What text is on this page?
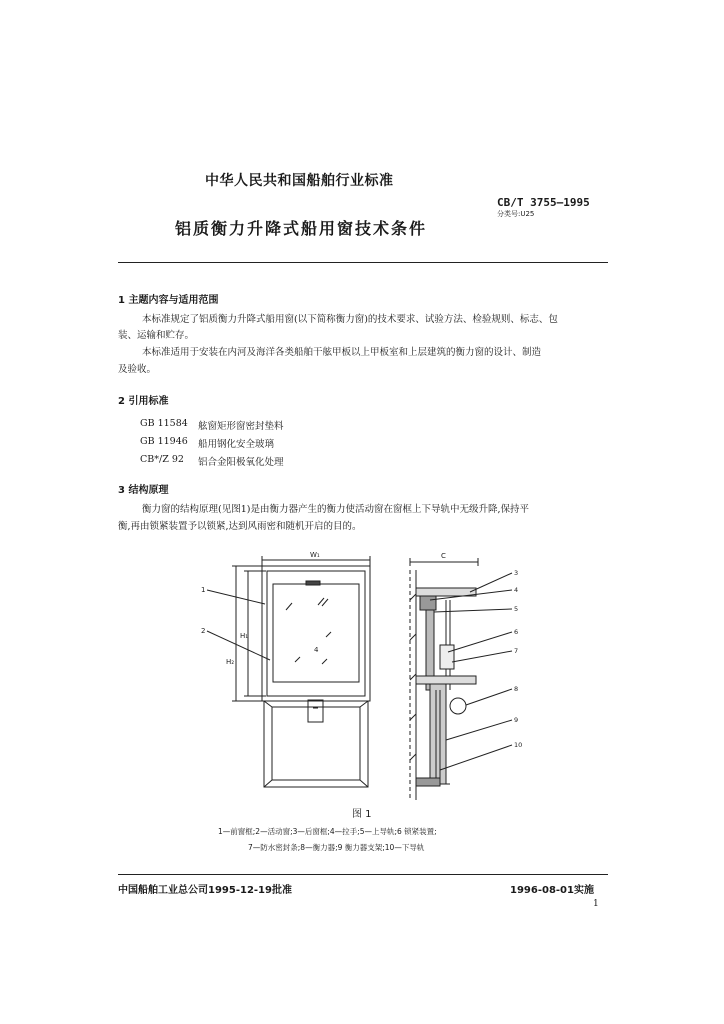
中华人民共和国船舶行业标准
CB/T 3755—1995
分类号:U25
铝质衡力升降式船用窗技术条件
1 主题内容与适用范围
本标准规定了铝质衡力升降式船用窗(以下简称衡力窗)的技术要求、试验方法、检验规则、标志、包
装、运输和贮存。
本标准适用于安装在内河及海洋各类船舶干舷甲板以上甲板室和上层建筑的衡力窗的设计、制造
及验收。
2 引用标准
GB 11584 舷窗矩形窗密封垫料
GB 11946 船用钢化安全玻璃
CB*/Z 92 铝合金阳极氧化处理
3 结构原理
衡力窗的结构原理(见图1)是由衡力器产生的衡力使活动窗在窗框上下导轨中无级升降,保持平
衡,再由锁紧装置予以锁紧,达到风雨密和随机开启的目的。
1
2
W₁
H₂
H₁
4
C
3
4
5
6
7
8
9
10
图 1
1—前窗框;2—活动窗;3—后窗框;4—拉手;5—上导轨;6 锁紧装置;
7—防水密封条;8—衡力器;9 衡力器支架;10—下导轨
中国船舶工业总公司1995-12-19批准	1996-08-01实施
1
